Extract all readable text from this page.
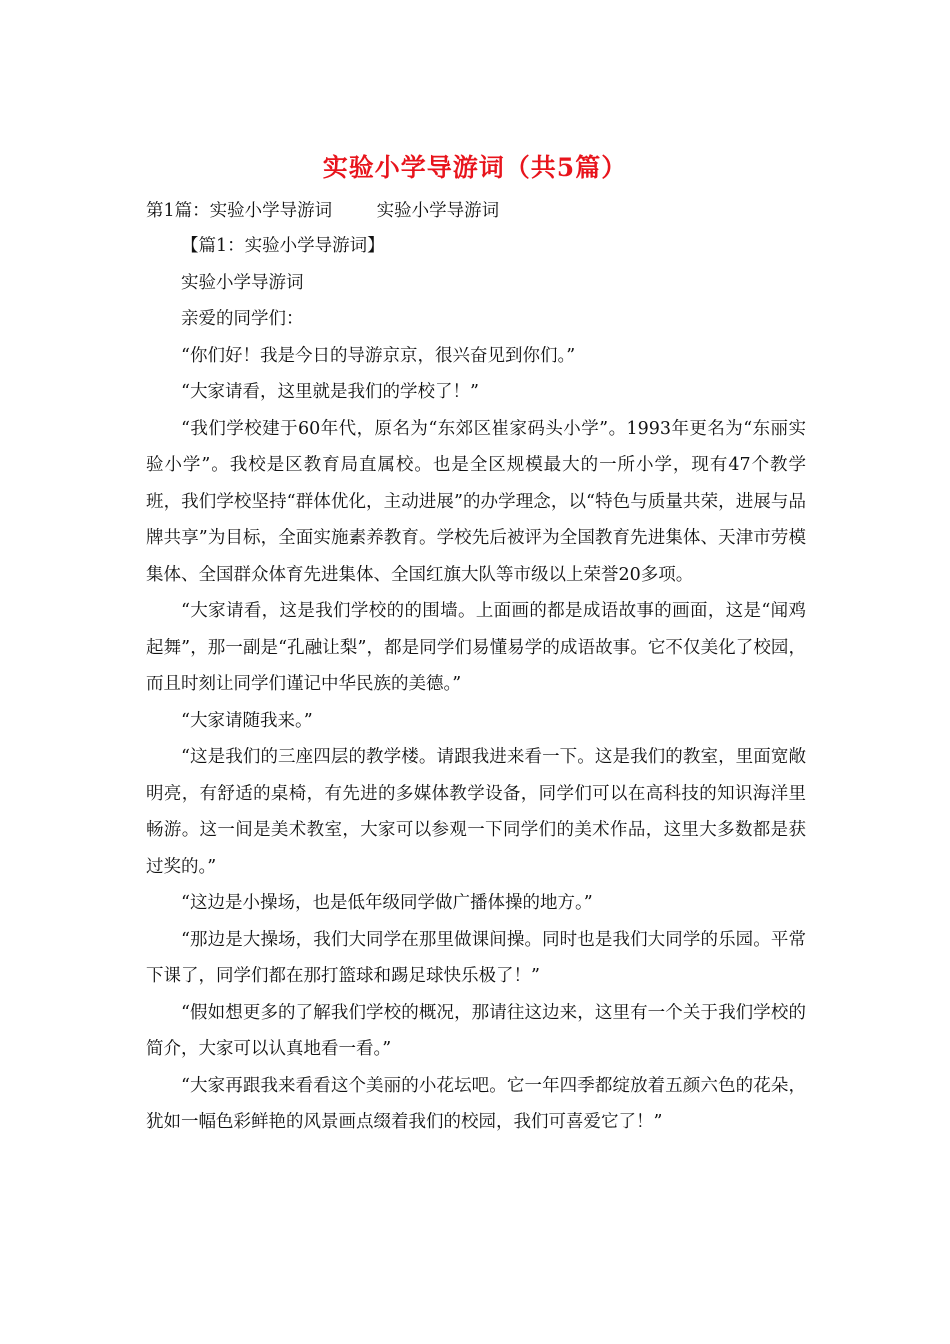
实验小学导游词（共5篇）
第1篇：实验小学导游词        实验小学导游词

【篇1：实验小学导游词】

实验小学导游词

亲爱的同学们：

“你们好！我是今日的导游京京，很兴奋见到你们。”

“大家请看，这里就是我们的学校了！”

“我们学校建于60年代，原名为“东郊区崔家码头小学”。1993年更名为“东丽实验小学”。我校是区教育局直属校。也是全区规模最大的一所小学，现有47个教学班，我们学校坚持“群体优化，主动进展”的办学理念，以“特色与质量共荣，进展与品牌共享”为目标，全面实施素养教育。学校先后被评为全国教育先进集体、天津市劳模集体、全国群众体育先进集体、全国红旗大队等市级以上荣誉20多项。

“大家请看，这是我们学校的的围墙。上面画的都是成语故事的画面，这是“闻鸡起舞”，那一副是“孔融让梨”，都是同学们易懂易学的成语故事。它不仅美化了校园，而且时刻让同学们谨记中华民族的美德。”

“大家请随我来。”

“这是我们的三座四层的教学楼。请跟我进来看一下。这是我们的教室，里面宽敞明亮，有舒适的桌椅，有先进的多媒体教学设备，同学们可以在高科技的知识海洋里畅游。这一间是美术教室，大家可以参观一下同学们的美术作品，这里大多数都是获过奖的。”

“这边是小操场，也是低年级同学做广播体操的地方。”

“那边是大操场，我们大同学在那里做课间操。同时也是我们大同学的乐园。平常下课了，同学们都在那打篮球和踢足球快乐极了！”

“假如想更多的了解我们学校的概况，那请往这边来，这里有一个关于我们学校的简介，大家可以认真地看一看。”

“大家再跟我来看看这个美丽的小花坛吧。它一年四季都绽放着五颜六色的花朵，犹如一幅色彩鲜艳的风景画点缀着我们的校园，我们可喜爱它了！”
